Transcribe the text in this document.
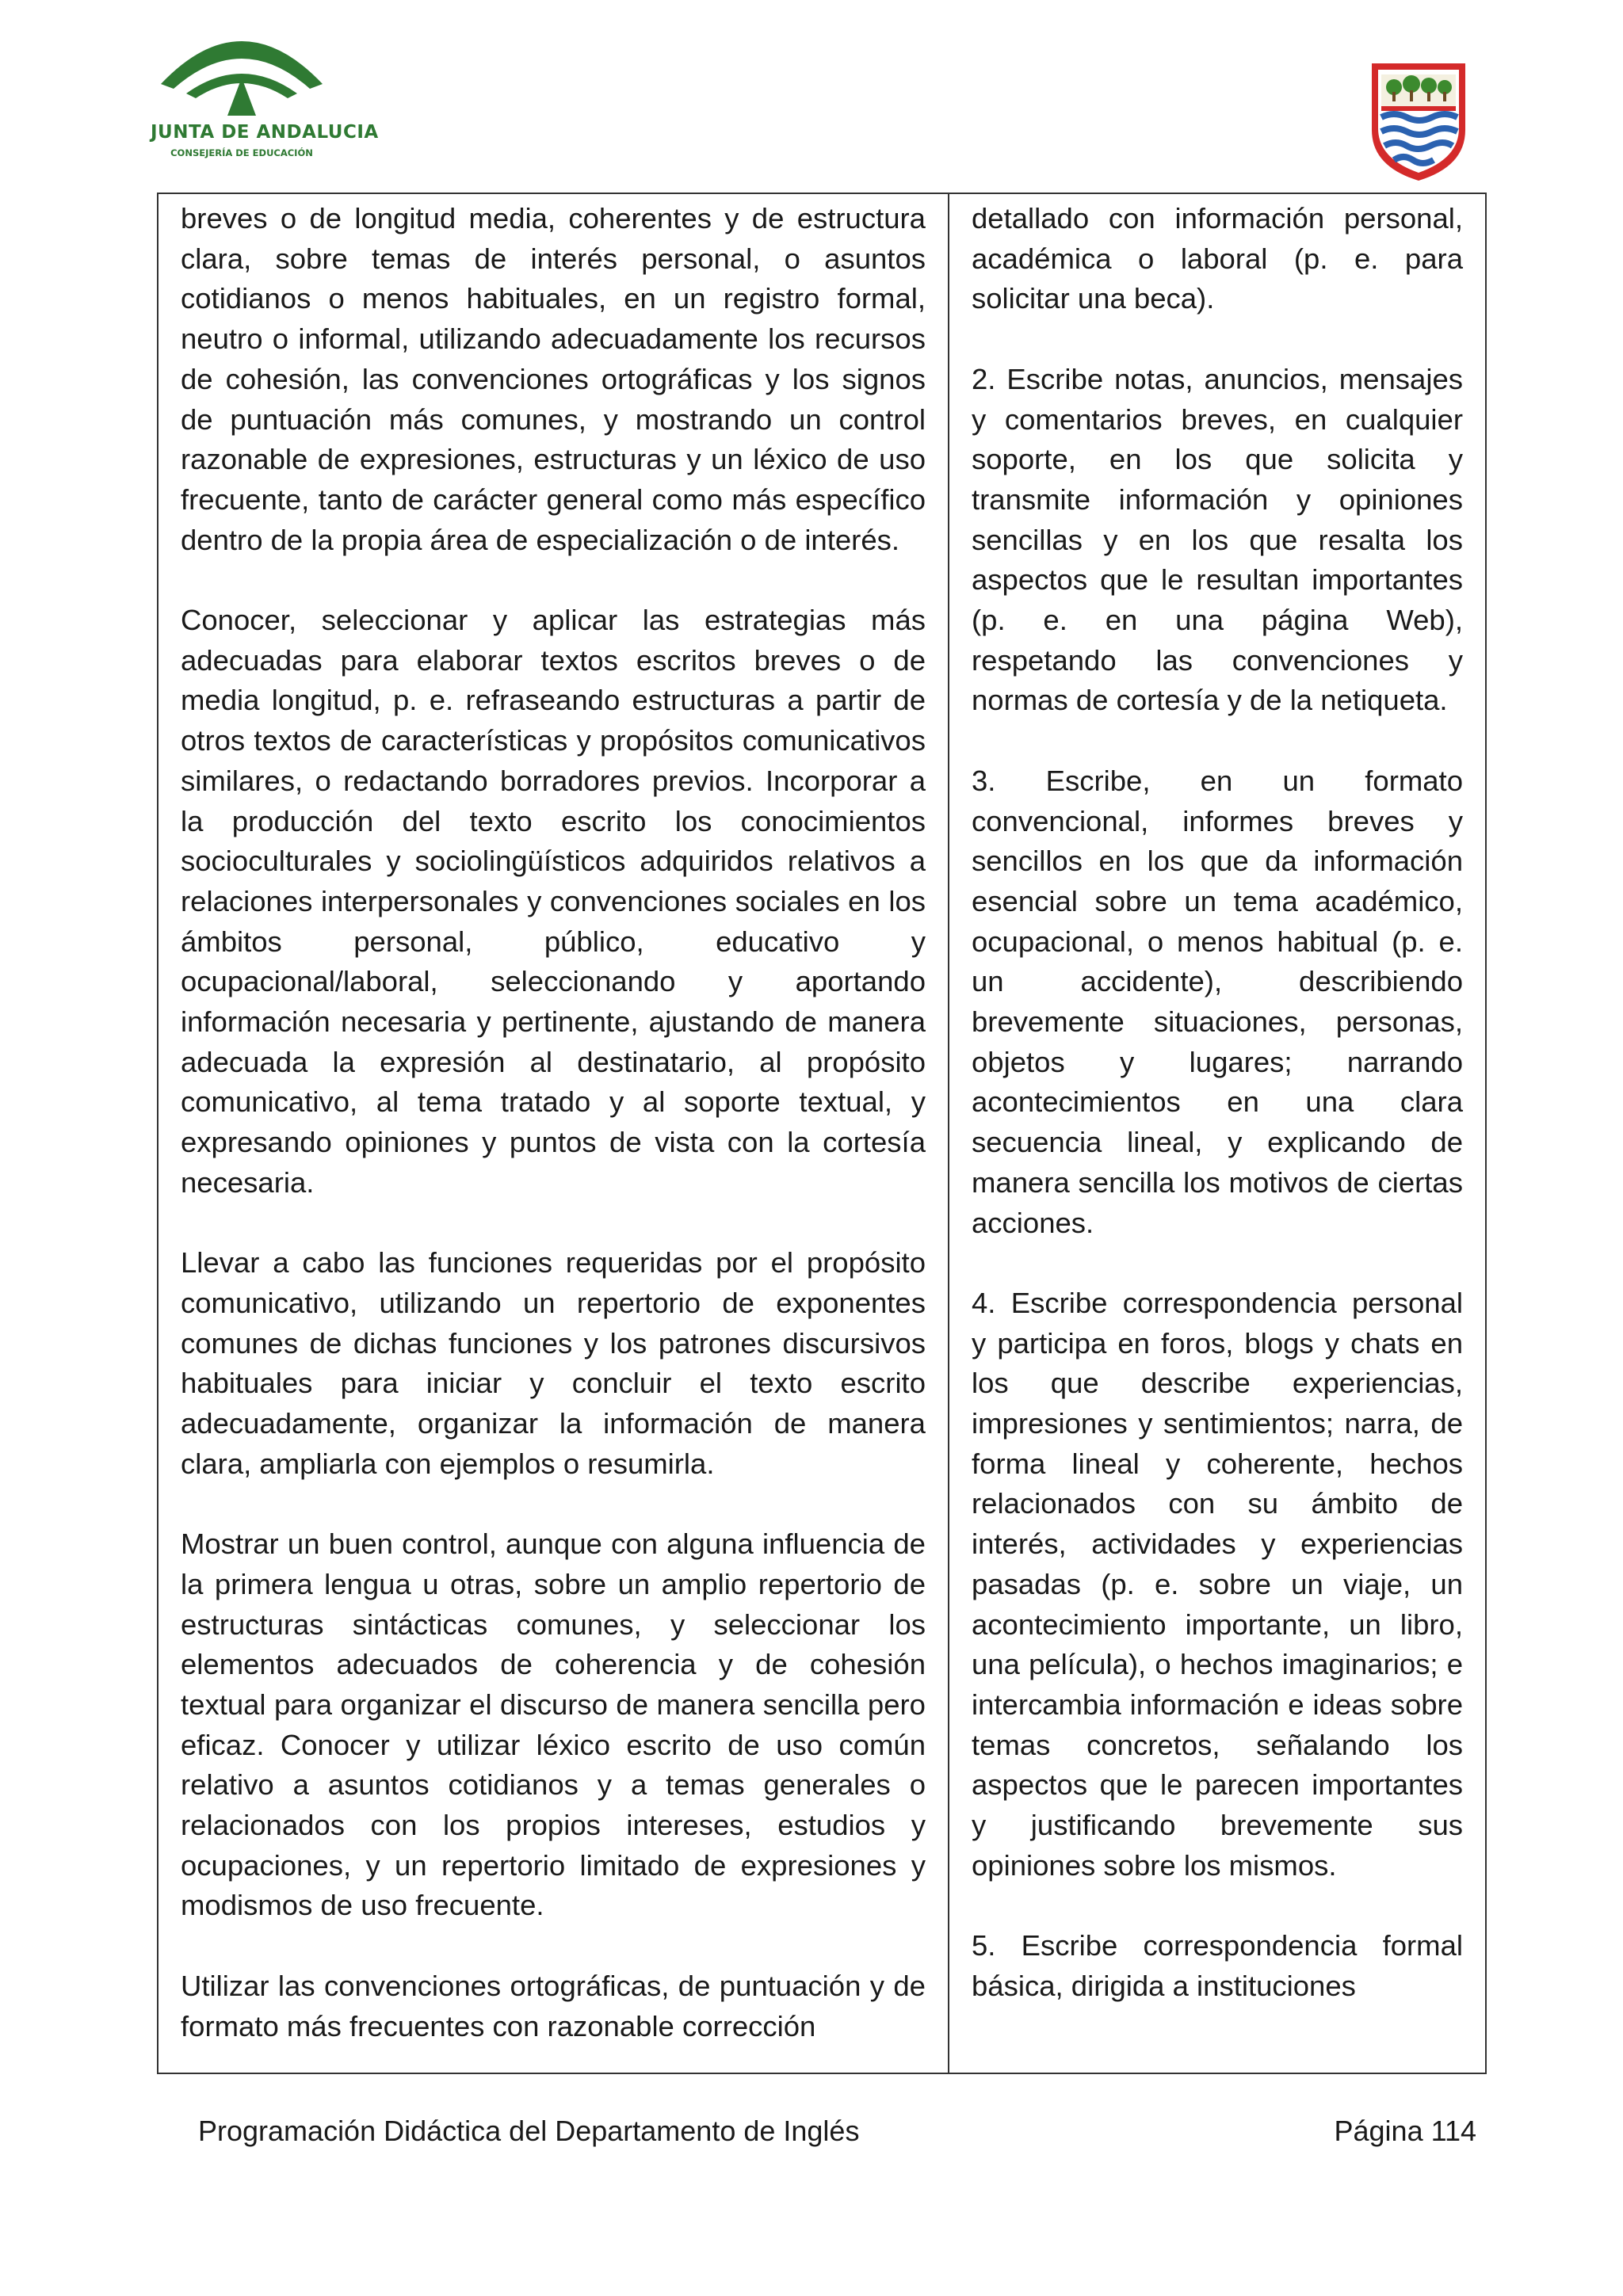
JUNTA DE ANDALUCIA
CONSEJERÍA DE EDUCACIÓN

breves o de longitud media, coherentes y de estructura clara, sobre temas de interés personal, o asuntos cotidianos o menos habituales, en un registro formal, neutro o informal, utilizando adecuadamente los recursos de cohesión, las convenciones ortográficas y los signos de puntuación más comunes, y mostrando un control razonable de expresiones, estructuras y un léxico de uso frecuente, tanto de carácter general como más específico dentro de la propia área de especialización o de interés.

Conocer, seleccionar y aplicar las estrategias más adecuadas para elaborar textos escritos breves o de media longitud, p. e. refraseando estructuras a partir de otros textos de características y propósitos comunicativos similares, o redactando borradores previos. Incorporar a la producción del texto escrito los conocimientos socioculturales y sociolingüísticos adquiridos relativos a relaciones interpersonales y convenciones sociales en los ámbitos personal, público, educativo y ocupacional/laboral, seleccionando y aportando información necesaria y pertinente, ajustando de manera adecuada la expresión al destinatario, al propósito comunicativo, al tema tratado y al soporte textual, y expresando opiniones y puntos de vista con la cortesía necesaria.

Llevar a cabo las funciones requeridas por el propósito comunicativo, utilizando un repertorio de exponentes comunes de dichas funciones y los patrones discursivos habituales para iniciar y concluir el texto escrito adecuadamente, organizar la información de manera clara, ampliarla con ejemplos o resumirla.

Mostrar un buen control, aunque con alguna influencia de la primera lengua u otras, sobre un amplio repertorio de estructuras sintácticas comunes, y seleccionar los elementos adecuados de coherencia y de cohesión textual para organizar el discurso de manera sencilla pero eficaz. Conocer y utilizar léxico escrito de uso común relativo a asuntos cotidianos y a temas generales o relacionados con los propios intereses, estudios y ocupaciones, y un repertorio limitado de expresiones y modismos de uso frecuente.

Utilizar las convenciones ortográficas, de puntuación y de formato más frecuentes con razonable corrección

detallado con información personal, académica o laboral (p. e. para solicitar una beca).

2. Escribe notas, anuncios, mensajes y comentarios breves, en cualquier soporte, en los que solicita y transmite información y opiniones sencillas y en los que resalta los aspectos que le resultan importantes (p. e. en una página Web), respetando las convenciones y normas de cortesía y de la netiqueta.

3. Escribe, en un formato convencional, informes breves y sencillos en los que da información esencial sobre un tema académico, ocupacional, o menos habitual (p. e. un accidente), describiendo brevemente situaciones, personas, objetos y lugares; narrando acontecimientos en una clara secuencia lineal, y explicando de manera sencilla los motivos de ciertas acciones.

4. Escribe correspondencia personal y participa en foros, blogs y chats en los que describe experiencias, impresiones y sentimientos; narra, de forma lineal y coherente, hechos relacionados con su ámbito de interés, actividades y experiencias pasadas (p. e. sobre un viaje, un acontecimiento importante, un libro, una película), o hechos imaginarios; e intercambia información e ideas sobre temas concretos, señalando los aspectos que le parecen importantes y justificando brevemente sus opiniones sobre los mismos.

5. Escribe correspondencia formal básica, dirigida a instituciones

Programación Didáctica del Departamento de Inglés	Página 114
